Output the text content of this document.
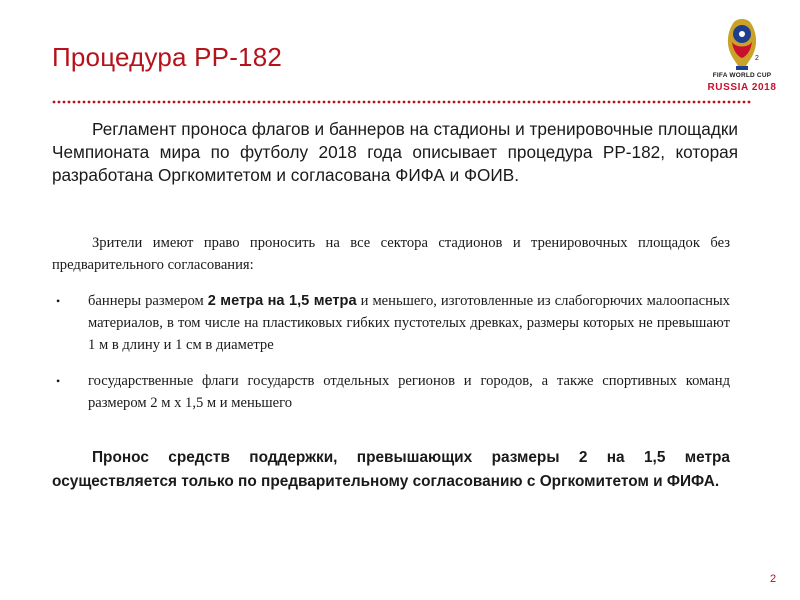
Процедура РР-182	2
FIFA WORLD CUP
RUSSIA 2018
Регламент проноса флагов и баннеров на стадионы и тренировочные площадки Чемпионата мира по футболу 2018 года описывает процедура РР-182, которая разработана Оргкомитетом и согласована ФИФА и ФОИВ.

Зрители имеют право проносить на все сектора стадионов и тренировочных площадок без предварительного согласования:

• баннеры размером 2 метра на 1,5 метра и меньшего, изготовленные из слабогорючих малоопасных материалов, в том числе на пластиковых гибких пустотелых древках, размеры которых не превышают 1 м в длину и 1 см в диаметре
• государственные флаги государств отдельных регионов и городов, а также спортивных команд размером 2 м х 1,5 м и меньшего
Пронос средств поддержки, превышающих размеры 2 на 1,5 метра осуществляется только по предварительному согласованию с Оргкомитетом и ФИФА.
2
